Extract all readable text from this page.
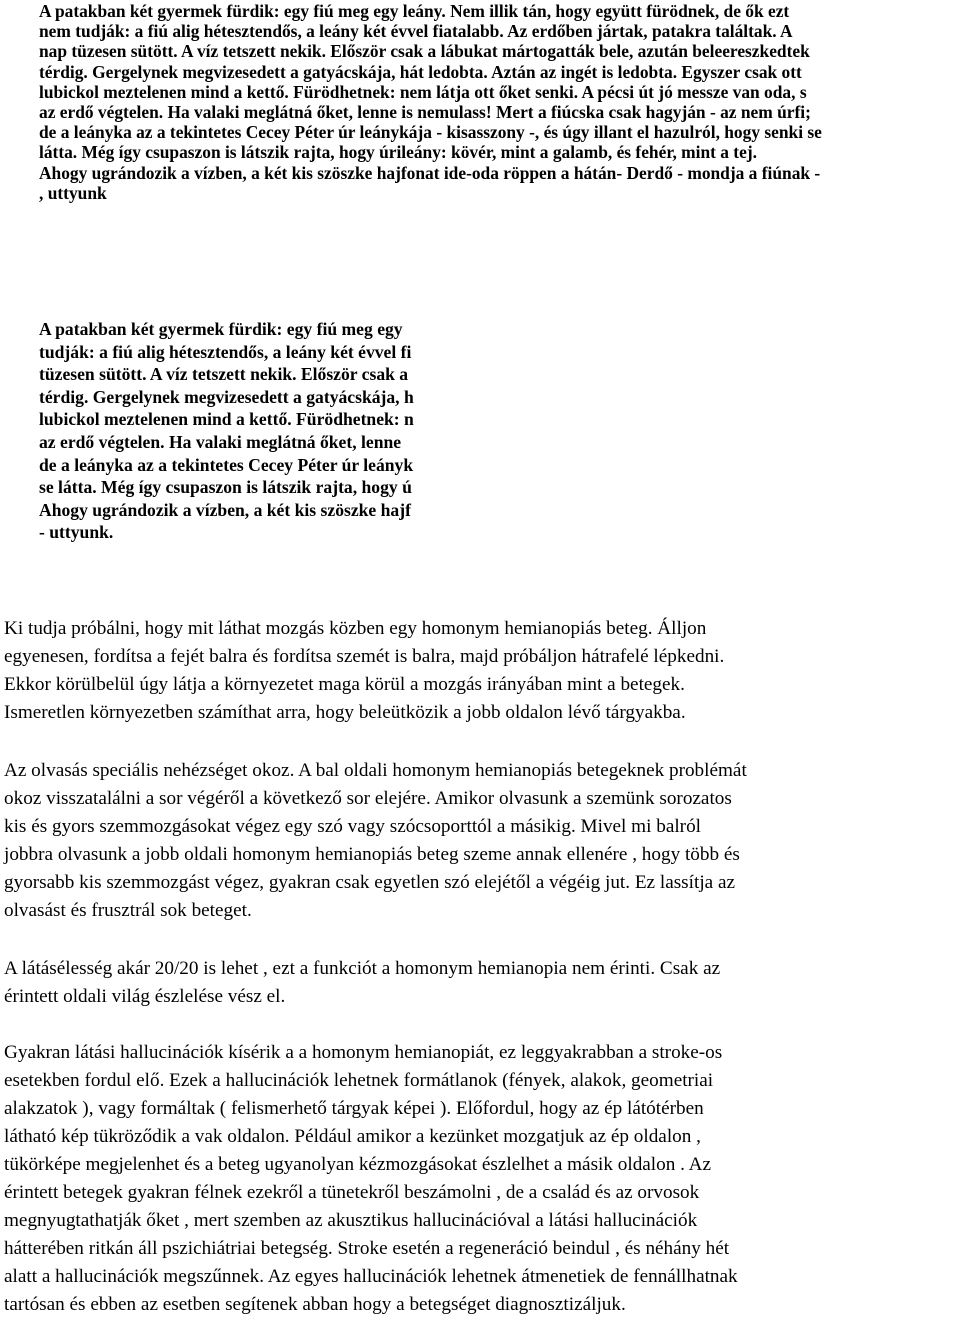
A patakban két gyermek fürdik: egy fiú meg egy leány. Nem illik tán, hogy együtt fürödnek, de ők ezt
nem tudják: a fiú alig hétesztendős, a leány két évvel fiatalabb. Az erdőben jártak, patakra találtak. A
nap tüzesen sütött. A víz tetszett nekik. Először csak a lábukat mártogatták bele, azután beleereszkedtek
térdig. Gergelynek megvizesedett a gatyácskája, hát ledobta. Aztán az ingét is ledobta. Egyszer csak ott
lubickol meztelenen mind a kettő. Fürödhetnek: nem látja ott őket senki. A pécsi út jó messze van oda, s
az erdő végtelen. Ha valaki meglátná őket, lenne is nemulass! Mert a fiúcska csak hagyján - az nem úrfi;
de a leányka az a tekintetes Cecey Péter úr leánykája - kisasszony -, és úgy illant el hazulról, hogy senki se
látta. Még így csupaszon is látszik rajta, hogy úrileány: kövér, mint a galamb, és fehér, mint a tej.
Ahogy ugrándozik a vízben, a két kis szöszke hajfonat ide-oda röppen a hátán- Derdő - mondja a fiúnak -
, uttyunk
A patakban két gyermek fürdik: egy fiú meg egy
tudják: a fiú alig hétesztendős, a leány két évvel fi
tüzesen sütött. A víz tetszett nekik. Először csak a
térdig. Gergelynek megvizesedett a gatyácskája, h
lubickol meztelenen mind a kettő. Fürödhetnek: n
az erdő végtelen. Ha valaki meglátná őket, lenne
de a leányka az a tekintetes Cecey Péter úr leányk
se látta. Még így csupaszon is látszik rajta, hogy ú
Ahogy ugrándozik a vízben, a két kis szöszke hajf
- uttyunk.
Ki tudja próbálni, hogy mit láthat mozgás közben egy homonym hemianopiás beteg. Álljon
egyenesen, fordítsa a fejét balra és fordítsa szemét is balra, majd próbáljon hátrafelé lépkedni.
Ekkor körülbelül úgy látja a környezetet maga körül a mozgás irányában mint a betegek.
Ismeretlen környezetben számíthat arra, hogy beleütközik a jobb oldalon lévő tárgyakba.
Az olvasás speciális nehézséget okoz. A bal oldali homonym hemianopiás betegeknek problémát
okoz visszatalálni a sor végéről a következő sor elejére. Amikor olvasunk a szemünk sorozatos
kis és gyors szemmozgásokat végez egy szó vagy szócsoporttól a másikig. Mivel mi balról
jobbra olvasunk a jobb oldali homonym hemianopiás beteg szeme annak ellenére , hogy több és
gyorsabb kis szemmozgást végez, gyakran csak egyetlen szó elejétől a végéig jut. Ez lassítja az
olvasást és frusztrál sok beteget.
A látásélesség akár 20/20 is lehet , ezt a funkciót a homonym hemianopia nem érinti. Csak az
érintett oldali világ észlelése vész el.
Gyakran látási hallucinációk kísérik a a homonym hemianopiát, ez leggyakrabban a stroke-os
esetekben fordul elő. Ezek a hallucinációk lehetnek formátlanok (fények, alakok, geometriai
alakzatok ), vagy formáltak ( felismerhető tárgyak képei ). Előfordul, hogy az ép látótérben
látható kép tükröződik a vak oldalon. Például amikor a kezünket mozgatjuk az ép oldalon ,
tükörképe megjelenhet és a beteg ugyanolyan kézmozgásokat észlelhet a másik oldalon . Az
érintett betegek gyakran félnek ezekről a tünetekről beszámolni , de a család és az orvosok
megnyugtathatják őket , mert szemben az akusztikus hallucinációval a látási hallucinációk
hátterében ritkán áll pszichiátriai betegség. Stroke esetén a regeneráció beindul , és néhány hét
alatt a hallucinációk megszűnnek. Az egyes hallucinációk lehetnek átmenetiek de fennállhatnak
tartósan és ebben az esetben segítenek abban hogy a betegséget diagnosztizáljuk.
